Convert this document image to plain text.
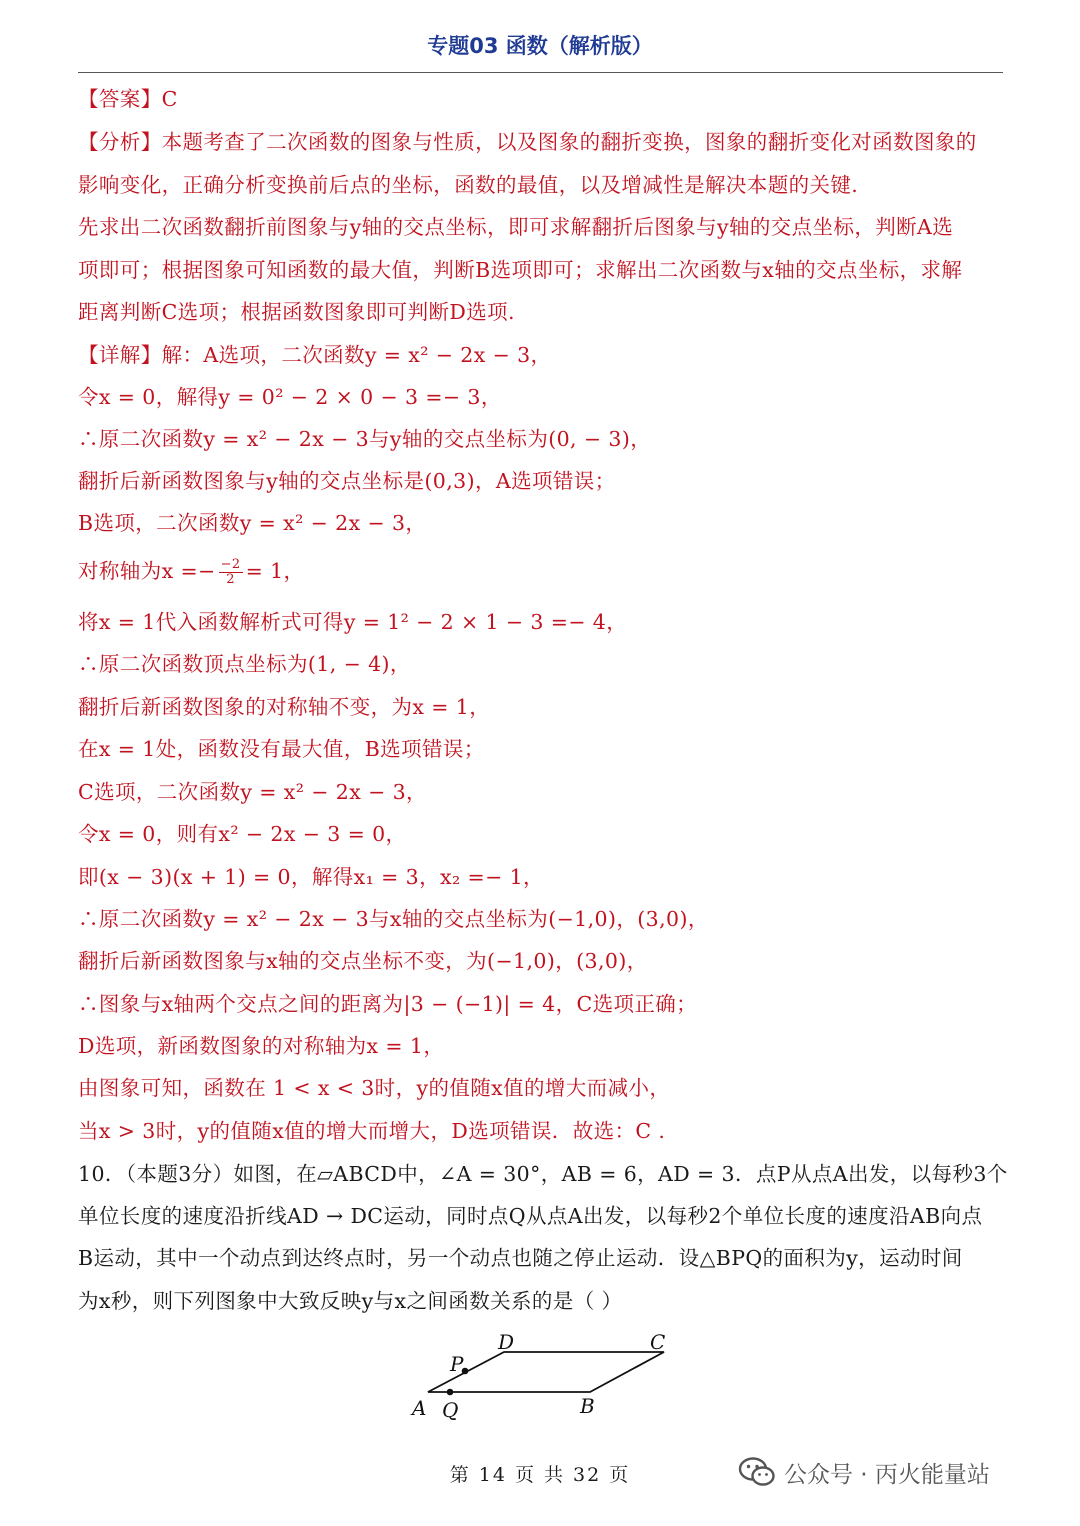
专题03 函数（解析版）
【答案】C
【分析】本题考查了二次函数的图象与性质，以及图象的翻折变换，图象的翻折变化对函数图象的
影响变化，正确分析变换前后点的坐标，函数的最值，以及增减性是解决本题的关键.
先求出二次函数翻折前图象与y轴的交点坐标，即可求解翻折后图象与y轴的交点坐标，判断A选
项即可；根据图象可知函数的最大值，判断B选项即可；求解出二次函数与x轴的交点坐标，求解
距离判断C选项；根据函数图象即可判断D选项.
【详解】解：A选项，二次函数y = x² − 2x − 3，
令x = 0，解得y = 0² − 2 × 0 − 3 =− 3，
∴原二次函数y = x² − 2x − 3与y轴的交点坐标为(0, − 3)，
翻折后新函数图象与y轴的交点坐标是(0,3)，A选项错误；
B选项，二次函数y = x² − 2x − 3，
对称轴为$x =- \frac{-2}{2} = 1$，
将x = 1代入函数解析式可得y = 1² − 2 × 1 − 3 =− 4，
∴原二次函数顶点坐标为(1, − 4)，
翻折后新函数图象的对称轴不变，为x = 1，
在x = 1处，函数没有最大值，B选项错误；
C选项，二次函数y = x² − 2x − 3，
令x = 0，则有x² − 2x − 3 = 0，
即(x − 3)(x + 1) = 0，解得x₁ = 3，x₂ =− 1，
∴原二次函数y = x² − 2x − 3与x轴的交点坐标为(−1,0)，(3,0)，
翻折后新函数图象与x轴的交点坐标不变，为(−1,0)，(3,0)，
∴图象与x轴两个交点之间的距离为|3 − (−1)| = 4，C选项正确；
D选项，新函数图象的对称轴为x = 1，
由图象可知，函数在 1 < x < 3时，y的值随x值的增大而减小，
当x > 3时，y的值随x值的增大而增大，D选项错误．故选：C .
10．（本题3分）如图，在▱ABCD中，∠A = 30°，AB = 6，AD = 3．点P从点A出发，以每秒3个
单位长度的速度沿折线AD → DC运动，同时点Q从点A出发，以每秒2个单位长度的速度沿AB向点
B运动，其中一个动点到达终点时，另一个动点也随之停止运动．设△BPQ的面积为y，运动时间
为x秒，则下列图象中大致反映y与x之间函数关系的是（ ）
A Q	B
C
D
P
第 14 页 共 32 页	公众号 · 丙火能量站
